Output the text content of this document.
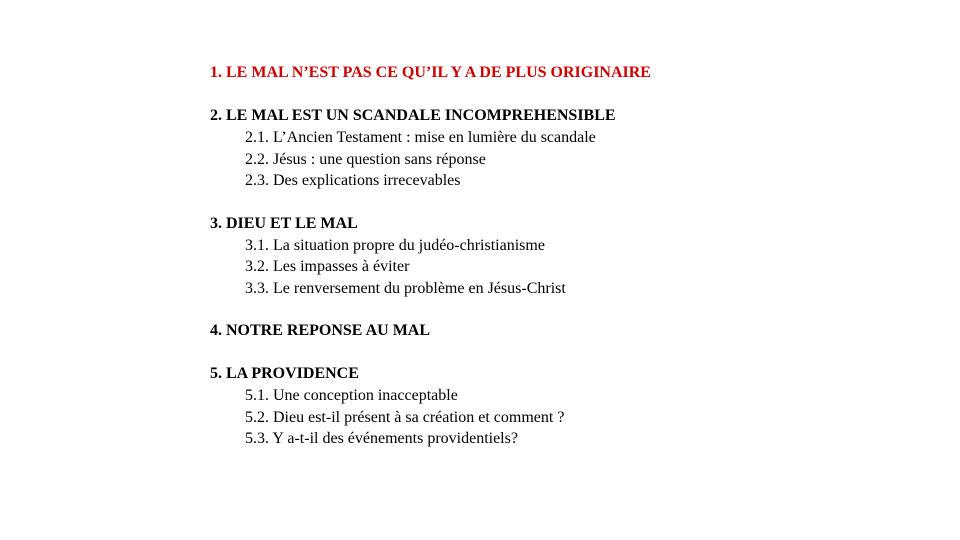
1. LE MAL N’EST PAS CE QU’IL Y A DE PLUS ORIGINAIRE
2. LE MAL EST UN SCANDALE INCOMPREHENSIBLE
2.1. L’Ancien Testament : mise en lumière du scandale
2.2. Jésus : une question sans réponse
2.3. Des explications irrecevables
3. DIEU ET LE MAL
3.1. La situation propre du judéo-christianisme
3.2. Les impasses à éviter
3.3. Le renversement du problème en Jésus-Christ
4. NOTRE REPONSE AU MAL
5. LA PROVIDENCE
5.1. Une conception inacceptable
5.2. Dieu est-il présent à sa création et comment ?
5.3. Y a-t-il des événements providentiels?
